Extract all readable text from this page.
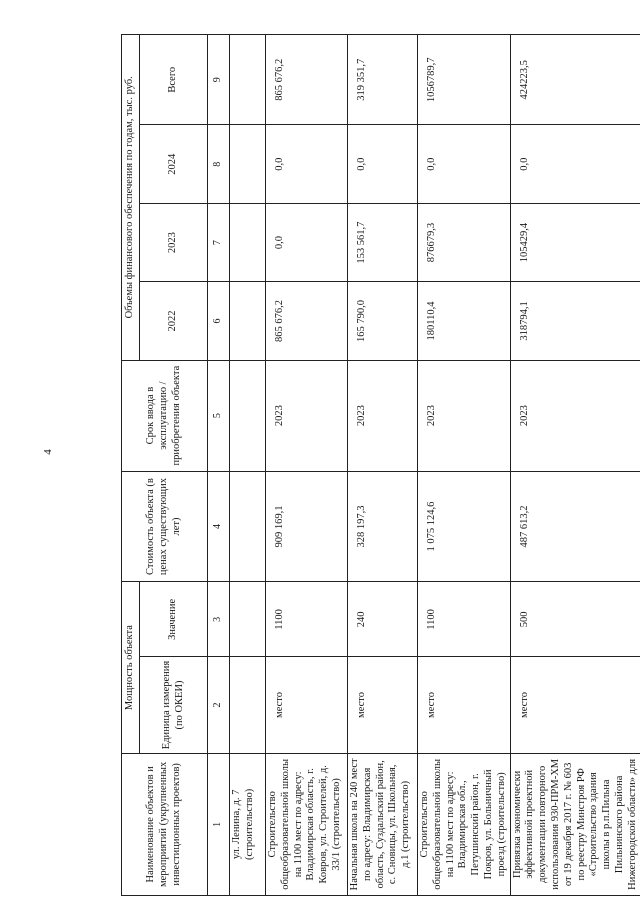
4
Наименование объектов и мероприятий (укрупненных инвестиционных проектов)	Мощность объекта		Стоимость объекта (в ценах существующих лет)	Срок ввода в эксплуатацию / приобретения объекта	Объемы финансового обеспечения по годам, тыс. руб.			
	Единица измерения (по ОКЕИ)	Значение			2022	2023	2024	Всего
1	2	3	4	5	6	7	8	9
ул. Ленина, д. 7 (строительство)								
Строительство общеобразовательной школы на 1100 мест по адресу: Владимирская область, г. Ковров, ул. Строителей, д. 33/1 (строительство)	место	1100	909 169,1	2023	865 676,2	0,0	0,0	865 676,2
Начальная школа на 240 мест по адресу: Владимирская область, Суздальский район, с. Сновицы, ул. Школьная, д.1 (строительство)	место	240	328 197,3	2023	165 790,0	153 561,7	0,0	319 351,7
Строительство общеобразовательной школы на 1100 мест по адресу: Владимирская обл., Петушинский район, г. Покров, ул. Больничный проезд (строительство)	место	1100	1 075 124,6	2023	180110,4	876679,3	0,0	1056789,7
Привязка экономически эффективной проектной документации повторного использования 930-ПРМ-ХМ от 19 декабря 2017 г. № 603 по реестру Минстроя РФ «Строительство здания школы в р.п.Пильна Пильнинского района Нижегородской области» для	место	500	487 613,2	2023	318794,1	105429,4	0,0	424223,5
